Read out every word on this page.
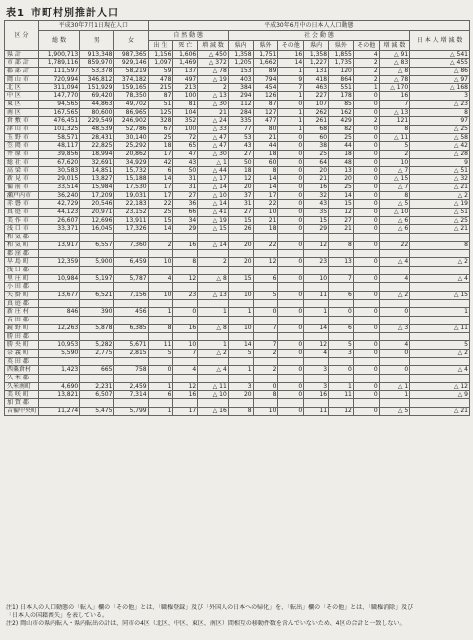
表1 市町村別推計人口
区 分	平成30年7月1日現在人口			平成30年6月中の日本人人口動態										
	総 数	男	女	自 然 動 態			社 会 動 態							日 本 人 増 減 数
				出 生	死 亡	増 減 数	県内	県外	その他	県内	県外	その他	増 減 数	
県 計	1,900,713	913,348	987,365	1,156	1,606	△ 450	1,358	1,751	16	1,358	1,855	4	△ 91	△ 541
市 部 計	1,789,116	859,970	929,146	1,097	1,469	△ 372	1,205	1,662	14	1,227	1,735	2	△ 83	△ 455
郡 部 計	111,597	53,378	58,219	59	137	△ 78	153	89	1	131	120	2	△ 8	△ 86
岡 山 市	720,994	346,812	374,182	478	497	△ 19	403	794	9	418	864	2	△ 78	△ 97
北 区	311,094	151,929	159,165	215	213	2	384	454	7	463	551	1	△ 170	△ 168
中 区	147,770	69,420	78,350	87	100	△ 13	294	126	1	227	178	0	16	3
東 区	94,565	44,863	49,702	51	81	△ 30	112	87	0	107	85	0	7	△ 23
南 区	167,565	80,600	86,965	125	104	21	284	127	1	262	162	0	△ 13	8
倉 敷 市	476,451	229,549	246,902	328	352	△ 24	335	477	1	261	429	2	121	97
津 山 市	101,325	48,539	52,786	67	100	△ 33	77	80	1	68	82	0	8	△ 25
玉 野 市	58,571	28,431	30,140	25	72	△ 47	53	21	0	60	25	0	△ 11	△ 58
笠 岡 市	48,117	22,825	25,292	18	65	△ 47	43	44	0	38	44	0	5	△ 42
井 原 市	39,856	18,994	20,862	17	47	△ 30	27	18	0	25	18	0	2	△ 28
総 社 市	67,620	32,691	34,929	42	43	△ 1	50	60	0	64	48	0	10	9
高 梁 市	30,583	14,851	15,732	6	50	△ 44	18	8	0	20	13	0	△ 7	△ 51
新 見 市	29,015	13,827	15,188	14	31	△ 17	12	14	0	21	20	0	△ 15	△ 32
備 前 市	33,514	15,984	17,530	17	31	△ 14	20	14	0	16	25	0	△ 7	△ 21
瀬戸内市	36,240	17,209	19,031	17	27	△ 10	37	17	0	32	14	0	8	△ 2
赤 磐 市	42,729	20,546	22,183	22	36	△ 14	31	22	0	43	15	0	△ 5	△ 19
真 庭 市	44,123	20,971	23,152	25	66	△ 41	27	10	0	35	12	0	△ 10	△ 51
美 作 市	26,607	12,696	13,911	15	34	△ 19	15	21	0	15	27	0	△ 6	△ 25
浅 口 市	33,371	16,045	17,326	14	29	△ 15	26	18	0	29	21	0	△ 6	△ 21
和 気 郡														
和 気 町	13,917	6,557	7,360	2	16	△ 14	20	22	0	12	8	0	22	8
都 窪 郡														
早 島 町	12,359	5,900	6,459	10	8	2	20	12	0	23	13	0	△ 4	△ 2
浅 口 郡														
里 庄 町	10,984	5,197	5,787	4	12	△ 8	15	6	0	10	7	0	4	△ 4
小 田 郡														
矢 掛 町	13,677	6,521	7,156	10	23	△ 13	10	5	0	11	6	0	△ 2	△ 15
真 庭 郡														
新 庄 村	846	390	456	1	0	1	1	0	0	1	0	0	0	1
苫 田 郡														
鏡 野 町	12,263	5,878	6,385	8	16	△ 8	10	7	0	14	6	0	△ 3	△ 11
勝 田 郡														
勝 央 町	10,953	5,282	5,671	11	10	1	14	7	0	12	5	0	4	5
奈 義 町	5,590	2,775	2,815	5	7	△ 2	5	2	0	4	3	0	0	△ 2
英 田 郡														
西粟倉村	1,423	665	758	0	4	△ 4	1	2	0	3	0	0	0	△ 4
久 米 郡														
久米南町	4,690	2,231	2,459	1	12	△ 11	3	0	0	3	1	0	△ 1	△ 12
美 咲 町	13,821	6,507	7,314	6	16	△ 10	20	8	0	16	11	0	1	△ 9
加 賀 郡														
吉備中央町	11,274	5,475	5,799	1	17	△ 16	8	10	0	11	12	0	△ 5	△ 21
注1) 日本人の人口動態の「転入」欄の「その他」とは、「職権登録」及び「外国人の日本への帰化」を、「転出」欄の「その他」とは、「職権消除」及び
「日本人の国籍喪失」を表している。
注2) 岡山市の県内転入・県内転出の計は、同市の4区（北区、中区、東区、南区）間相互の移動件数を含んでいないため、4区の合計と一致しない。
